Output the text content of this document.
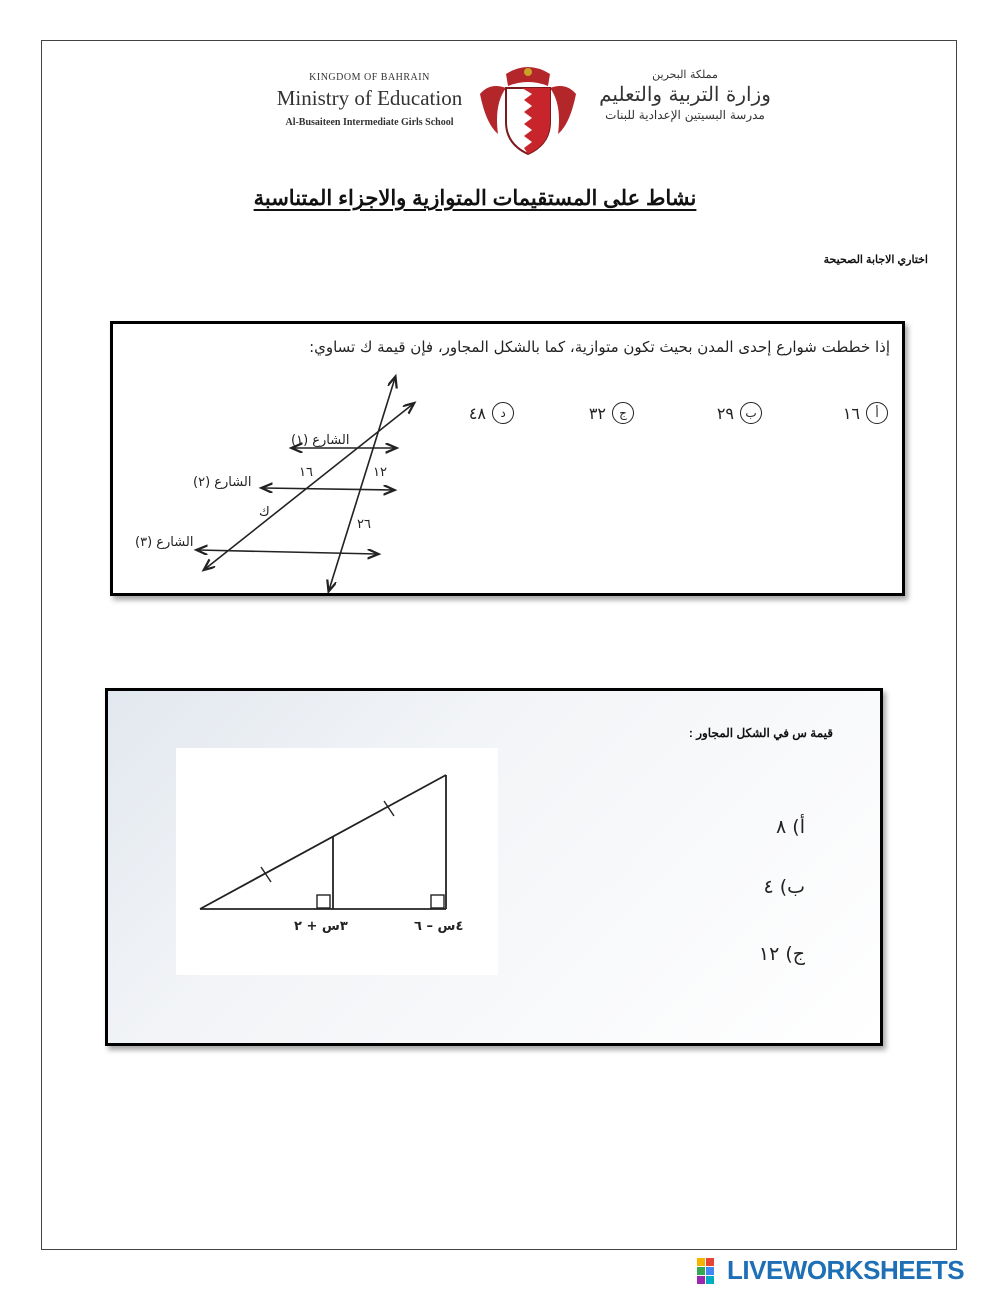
KINGDOM OF BAHRAIN
Ministry of Education
Al-Busaiteen Intermediate Girls School
مملكة البحرين
وزارة التربية والتعليم
مدرسة البسيتين الإعدادية للبنات
نشاط على المستقيمات المتوازية والاجزاء المتناسبة
اختاري الاجابة الصحيحة
إذا خططت شوارع إحدى المدن بحيث تكون متوازية، كما بالشكل المجاور، فإن قيمة ك تساوي:
أ
١٦
ب
٢٩
ج
٣٢
د
٤٨
الشارع (١)
الشارع (٢)
الشارع (٣)
١٦	١٢
ك
٢٦
قيمة س في الشكل المجاور :
أ) ٨
ب) ٤
ج) ١٢
٣س + ٢	٤س – ٦
LIVEWORKSHEETS
